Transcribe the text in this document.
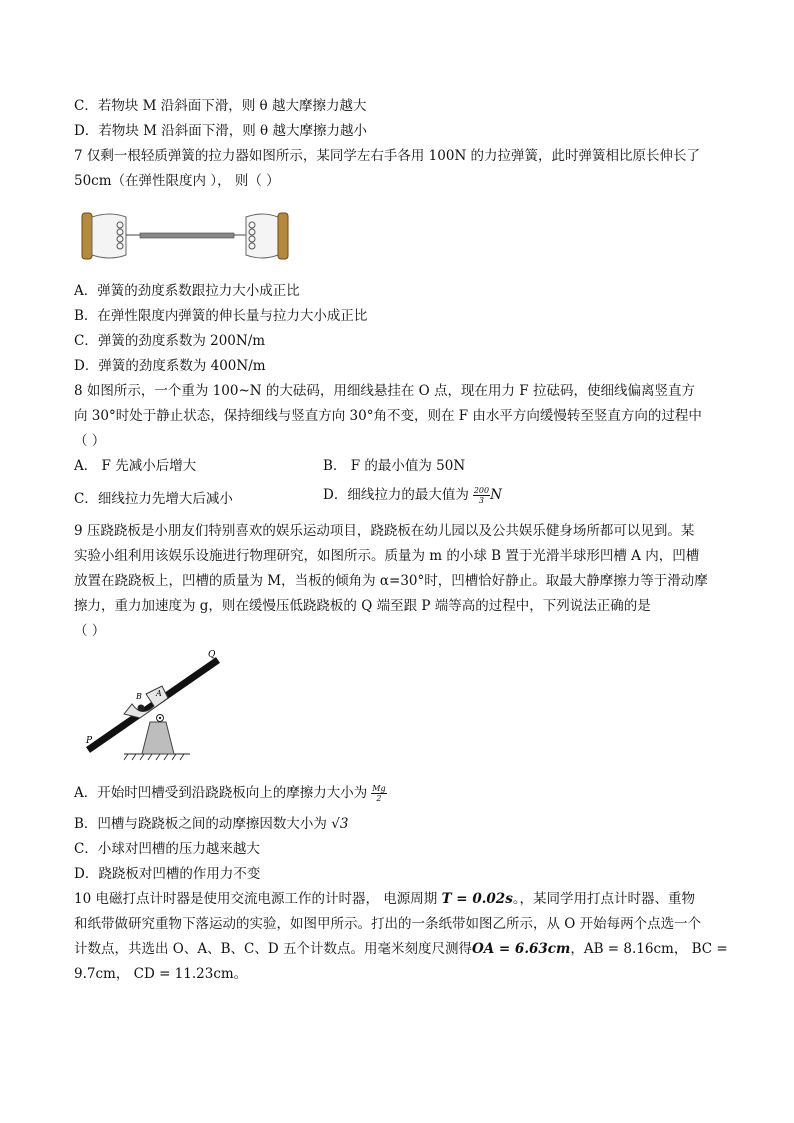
C．若物块 M 沿斜面下滑，则 θ 越大摩擦力越大
D．若物块 M 沿斜面下滑，则 θ 越大摩擦力越小
7 仅剩一根轻质弹簧的拉力器如图所示，某同学左右手各用 100N 的力拉弹簧，此时弹簧相比原长伸长了
50cm（在弹性限度内 ）， 则（ ）
A．弹簧的劲度系数跟拉力大小成正比
B．在弹性限度内弹簧的伸长量与拉力大小成正比
C．弹簧的劲度系数为 200N/m
D．弹簧的劲度系数为 400N/m
8 如图所示，一个重为 100~N 的大砝码，用细线悬挂在 O 点，现在用力 F 拉砝码，使细线偏离竖直方
向 30°时处于静止状态，保持细线与竖直方向 30°角不变，则在 F 由水平方向缓慢转至竖直方向的过程中
（ ）
A． F 先减小后增大	B． F 的最小值为 50N
C．细线拉力先增大后减小	D．细线拉力的最大值为 $\frac{200}{3}$ N
9 压跷跷板是小朋友们特别喜欢的娱乐运动项目，跷跷板在幼儿园以及公共娱乐健身场所都可以见到。某
实验小组利用该娱乐设施进行物理研究，如图所示。质量为 m 的小球 B 置于光滑半球形凹槽 A 内，凹槽
放置在跷跷板上，凹槽的质量为 M，当板的倾角为 α=30°时，凹槽恰好静止。取最大静摩擦力等于滑动摩
擦力，重力加速度为 g，则在缓慢压低跷跷板的 Q 端至跟 P 端等高的过程中，下列说法正确的是
（ ）
Q
P
A
B
A．开始时凹槽受到沿跷跷板向上的摩擦力大小为 $\frac{Mg}{2}$
B．凹槽与跷跷板之间的动摩擦因数大小为 √3
C．小球对凹槽的压力越来越大
D．跷跷板对凹槽的作用力不变
10 电磁打点计时器是使用交流电源工作的计时器， 电源周期 T = 0.02s。，某同学用打点计时器、重物
和纸带做研究重物下落运动的实验，如图甲所示。打出的一条纸带如图乙所示，从 O 开始每两个点选一个
计数点，共选出 O、A、B、C、D 五个计数点。用毫米刻度尺测得OA = 6.63cm，AB = 8.16cm， BC =
9.7cm， CD = 11.23cm。
